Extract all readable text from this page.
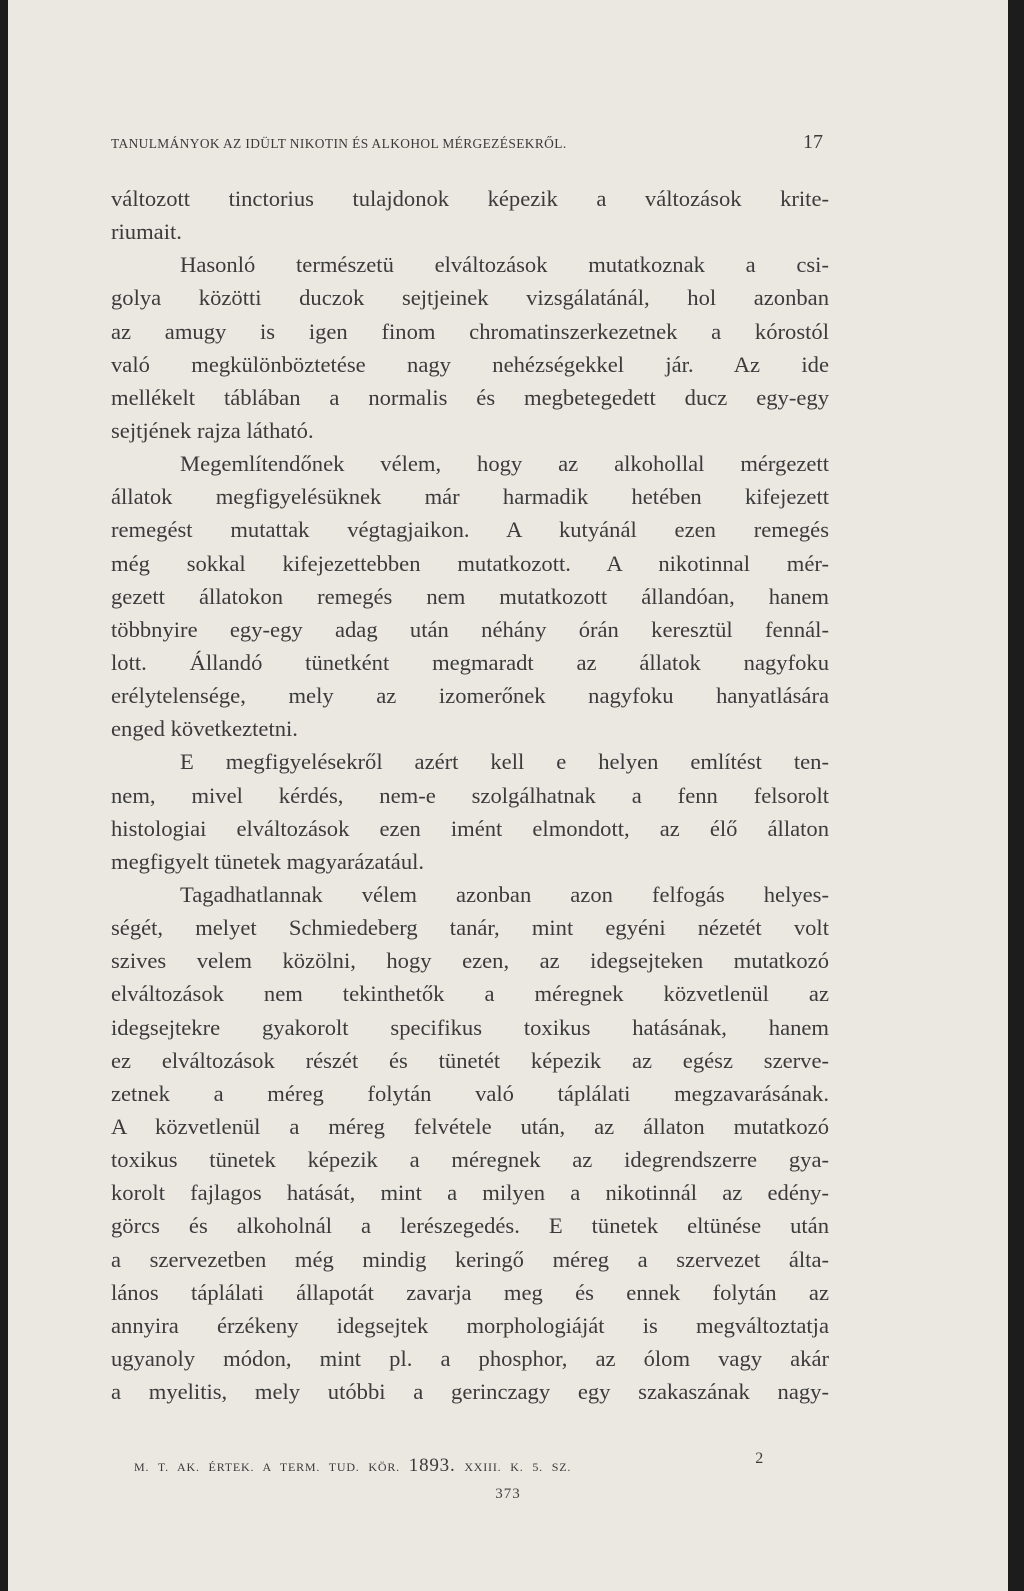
TANULMÁNYOK AZ IDÜLT NIKOTIN ÉS ALKOHOL MÉRGEZÉSEKRŐL.	17
változott tinctorius tulajdonok képezik a változások krite-
riumait.
Hasonló természetü elváltozások mutatkoznak a csi-
golya közötti duczok sejtjeinek vizsgálatánál, hol azonban
az amugy is igen finom chromatinszerkezetnek a kórostól
való megkülönböztetése nagy nehézségekkel jár. Az ide
mellékelt táblában a normalis és megbetegedett ducz egy-egy
sejtjének rajza látható.
Megemlítendőnek vélem, hogy az alkohollal mérgezett
állatok megfigyelésüknek már harmadik hetében kifejezett
remegést mutattak végtagjaikon. A kutyánál ezen remegés
még sokkal kifejezettebben mutatkozott. A nikotinnal mér-
gezett állatokon remegés nem mutatkozott állandóan, hanem
többnyire egy-egy adag után néhány órán keresztül fennál-
lott. Állandó tünetként megmaradt az állatok nagyfoku
erélytelensége, mely az izomerőnek nagyfoku hanyatlására
enged következtetni.
E megfigyelésekről azért kell e helyen említést ten-
nem, mivel kérdés, nem-e szolgálhatnak a fenn felsorolt
histologiai elváltozások ezen imént elmondott, az élő állaton
megfigyelt tünetek magyarázatául.
Tagadhatlannak vélem azonban azon felfogás helyes-
ségét, melyet Schmiedeberg tanár, mint egyéni nézetét volt
szives velem közölni, hogy ezen, az idegsejteken mutatkozó
elváltozások nem tekinthetők a méregnek közvetlenül az
idegsejtekre gyakorolt specifikus toxikus hatásának, hanem
ez elváltozások részét és tünetét képezik az egész szerve-
zetnek a méreg folytán való táplálati megzavarásának.
A közvetlenül a méreg felvétele után, az állaton mutatkozó
toxikus tünetek képezik a méregnek az idegrendszerre gya-
korolt fajlagos hatását, mint a milyen a nikotinnál az edény-
görcs és alkoholnál a lerészegedés. E tünetek eltünése után
a szervezetben még mindig keringő méreg a szervezet álta-
lános táplálati állapotát zavarja meg és ennek folytán az
annyira érzékeny idegsejtek morphologiáját is megváltoztatja
ugyanoly módon, mint pl. a phosphor, az ólom vagy akár
a myelitis, mely utóbbi a gerinczagy egy szakaszának nagy-
M. T. AK. ÉRTEK. A TERM. TUD. KÖR. 1893. XXIII. K. 5. SZ.	2
373
